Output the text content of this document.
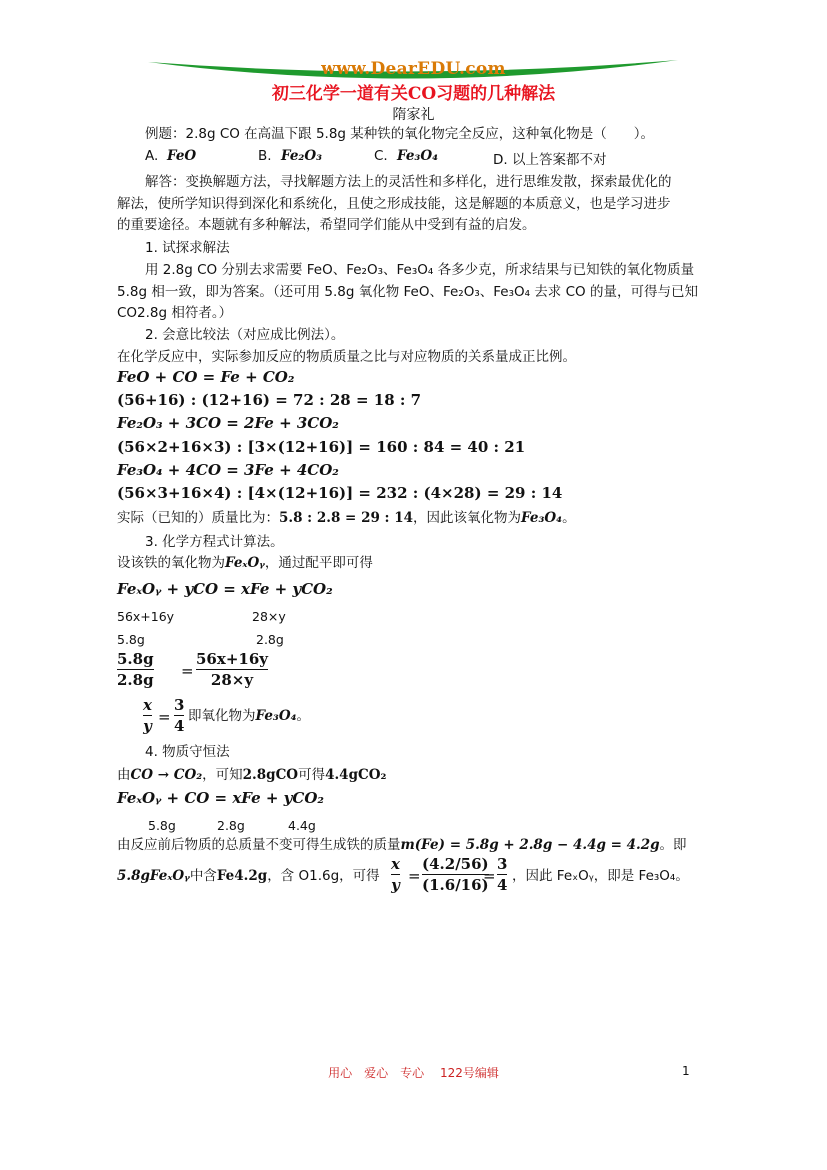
www.DearEDU.com
初三化学一道有关CO习题的几种解法
隋家礼
例题：2.8g CO 在高温下跟 5.8g 某种铁的氧化物完全反应，这种氧化物是（　　）。
A. FeO	B. Fe₂O₃	C. Fe₃O₄	D. 以上答案都不对
解答：变换解题方法，寻找解题方法上的灵活性和多样化，进行思维发散，探索最优化的
解法，使所学知识得到深化和系统化，且使之形成技能，这是解题的本质意义，也是学习进步
的重要途径。本题就有多种解法，希望同学们能从中受到有益的启发。
1. 试探求解法
用 2.8g CO 分别去求需要 FeO、Fe₂O₃、Fe₃O₄ 各多少克，所求结果与已知铁的氧化物质量
5.8g 相一致，即为答案。（还可用 5.8g 氧化物 FeO、Fe₂O₃、Fe₃O₄ 去求 CO 的量，可得与已知
CO2.8g 相符者。）
2. 会意比较法（对应成比例法）。
在化学反应中，实际参加反应的物质质量之比与对应物质的关系量成正比例。
FeO + CO = Fe + CO₂
(56+16) : (12+16) = 72 : 28 = 18 : 7
Fe₂O₃ + 3CO = 2Fe + 3CO₂
(56×2+16×3) : [3×(12+16)] = 160 : 84 = 40 : 21
Fe₃O₄ + 4CO = 3Fe + 4CO₂
(56×3+16×4) : [4×(12+16)] = 232 : (4×28) = 29 : 14
实际（已知的）质量比为：5.8 : 2.8 = 29 : 14，因此该氧化物为Fe₃O₄。
3. 化学方程式计算法。
设该铁的氧化物为FeₓOᵧ，通过配平即可得
FeₓOᵧ + yCO = xFe + yCO₂
56x+16y	28×y
5.8g	2.8g
5.8g
2.8g =
56x+16y
28×y
x
y =
3
4
即氧化物为Fe₃O₄。
4. 物质守恒法
由CO → CO₂，可知2.8gCO可得4.4gCO₂
FeₓOᵧ + CO = xFe + yCO₂
5.8g	2.8g	4.4g
由反应前后物质的总质量不变可得生成铁的质量m(Fe) = 5.8g + 2.8g − 4.4g = 4.2g。即
5.8gFeₓOᵧ中含Fe4.2g，含 O1.6g，可得
x
y =
(4.2/56)
(1.6/16)
=
3
4 ，因此 FeₓOᵧ，即是 Fe₃O₄。
用心　爱心　专心　 122号编辑	1
